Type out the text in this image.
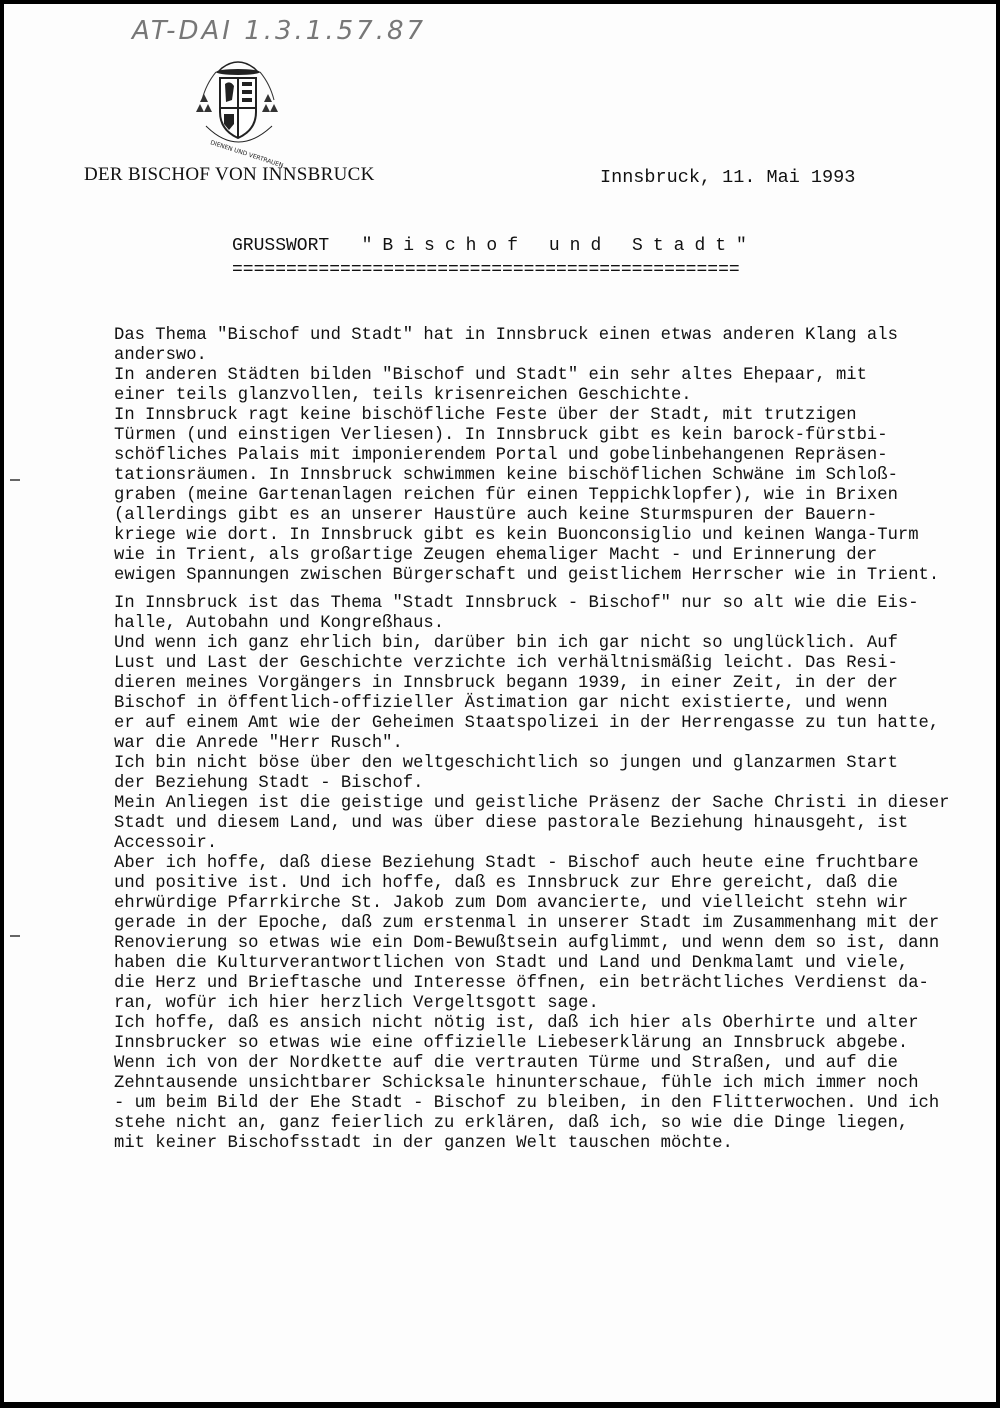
AT-DAI 1.3.1.57.87
DIENEN UND VERTRAUEN
DER BISCHOF VON INNSBRUCK	Innsbruck, 11. Mai 1993
GRUSSWORT "Bischof und Stadt"
===============================================

Das Thema "Bischof und Stadt" hat in Innsbruck einen etwas anderen Klang als

anderswo.

In anderen Städten bilden "Bischof und Stadt" ein sehr altes Ehepaar, mit

einer teils glanzvollen, teils krisenreichen Geschichte.

In Innsbruck ragt keine bischöfliche Feste über der Stadt, mit trutzigen

Türmen (und einstigen Verliesen). In Innsbruck gibt es kein barock-fürstbi-

schöfliches Palais mit imponierendem Portal und gobelinbehangenen Repräsen-

tationsräumen. In Innsbruck schwimmen keine bischöflichen Schwäne im Schloß-

graben (meine Gartenanlagen reichen für einen Teppichklopfer), wie in Brixen

(allerdings gibt es an unserer Haustüre auch keine Sturmspuren der Bauern-

kriege wie dort. In Innsbruck gibt es kein Buonconsiglio und keinen Wanga-Turm

wie in Trient, als großartige Zeugen ehemaliger Macht - und Erinnerung der

ewigen Spannungen zwischen Bürgerschaft und geistlichem Herrscher wie in Trient.

In Innsbruck ist das Thema "Stadt Innsbruck - Bischof" nur so alt wie die Eis-

halle, Autobahn und Kongreßhaus.

Und wenn ich ganz ehrlich bin, darüber bin ich gar nicht so unglücklich. Auf

Lust und Last der Geschichte verzichte ich verhältnismäßig leicht. Das Resi-

dieren meines Vorgängers in Innsbruck begann 1939, in einer Zeit, in der der

Bischof in öffentlich-offizieller Ästimation gar nicht existierte, und wenn

er auf einem Amt wie der Geheimen Staatspolizei in der Herrengasse zu tun hatte,

war die Anrede "Herr Rusch".

Ich bin nicht böse über den weltgeschichtlich so jungen und glanzarmen Start

der Beziehung Stadt - Bischof.

Mein Anliegen ist die geistige und geistliche Präsenz der Sache Christi in dieser

Stadt und diesem Land, und was über diese pastorale Beziehung hinausgeht, ist

Accessoir.

Aber ich hoffe, daß diese Beziehung Stadt - Bischof auch heute eine fruchtbare

und positive ist. Und ich hoffe, daß es Innsbruck zur Ehre gereicht, daß die

ehrwürdige Pfarrkirche St. Jakob zum Dom avancierte, und vielleicht stehn wir

gerade in der Epoche, daß zum erstenmal in unserer Stadt im Zusammenhang mit der

Renovierung so etwas wie ein Dom-Bewußtsein aufglimmt, und wenn dem so ist, dann

haben die Kulturverantwortlichen von Stadt und Land und Denkmalamt und viele,

die Herz und Brieftasche und Interesse öffnen, ein beträchtliches Verdienst da-

ran, wofür ich hier herzlich Vergeltsgott sage.

Ich hoffe, daß es ansich nicht nötig ist, daß ich hier als Oberhirte und alter

Innsbrucker so etwas wie eine offizielle Liebeserklärung an Innsbruck abgebe.

Wenn ich von der Nordkette auf die vertrauten Türme und Straßen, und auf die

Zehntausende unsichtbarer Schicksale hinunterschaue, fühle ich mich immer noch

- um beim Bild der Ehe Stadt - Bischof zu bleiben, in den Flitterwochen. Und ich

stehe nicht an, ganz feierlich zu erklären, daß ich, so wie die Dinge liegen,

mit keiner Bischofsstadt in der ganzen Welt tauschen möchte.
